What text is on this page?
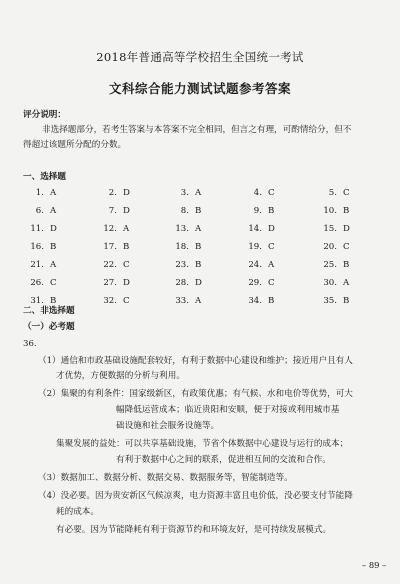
2018年普通高等学校招生全国统一考试
文科综合能力测试试题参考答案
评分说明：
非选择题部分，若考生答案与本答案不完全相同，但言之有理，可酌情给分，但不
得超过该题所分配的分数。
一、选择题
1. A	2. D	3. A	4. C	5. C
6. A	7. D	8. B	9. B	10. B
11. D	12. A	13. A	14. D	15. D
16. B	17. B	18. B	19. C	20. C
21. A	22. C	23. B	24. A	25. B
26. C	27. D	28. D	29. C	30. A
31. B	32. C	33. A	34. B	35. B
二、非选择题
（一）必考题
36.
（1）通信和市政基础设施配套较好，有利于数据中心建设和维护；接近用户且有人
才优势，方便数据的分析与利用。
（2）集聚的有利条件：国家级新区，有政策优惠；有气候、水和电价等优势，可大
幅降低运营成本；临近贵阳和安顺，便于对接或利用城市基
础设施和社会服务设施等。
集聚发展的益处：可以共享基础设施，节省个体数据中心建设与运行的成本；
有利于数据中心之间的联系，促进相互间的交流和合作。
（3）数据加工、数据分析、数据交易、数据服务等，智能制造等。
（4）没必要。因为贵安新区气候凉爽，电力资源丰富且电价低，没必要支付节能降
耗的成本。
有必要。因为节能降耗有利于资源节约和环境友好，是可持续发展模式。
– 89 –
